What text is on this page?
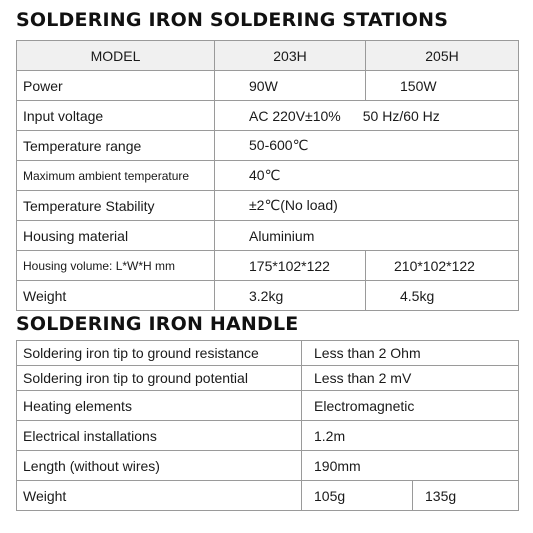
SOLDERING IRON SOLDERING STATIONS
MODEL	203H	205H
Power	90W	150W
Input voltage	AC 220V±10% 50 Hz/60 Hz	
Temperature range	50-600℃	
Maximum ambient temperature	40℃	
Temperature Stability	±2℃(No load)	
Housing material	Aluminium	
Housing volume: L*W*H mm	175*102*122	210*102*122
Weight	3.2kg	4.5kg
SOLDERING IRON HANDLE
Soldering iron tip to ground resistance	Less than 2 Ohm	
Soldering iron tip to ground potential	Less than 2 mV	
Heating elements	Electromagnetic	
Electrical installations	1.2m	
Length (without wires)	190mm	
Weight	105g	135g
